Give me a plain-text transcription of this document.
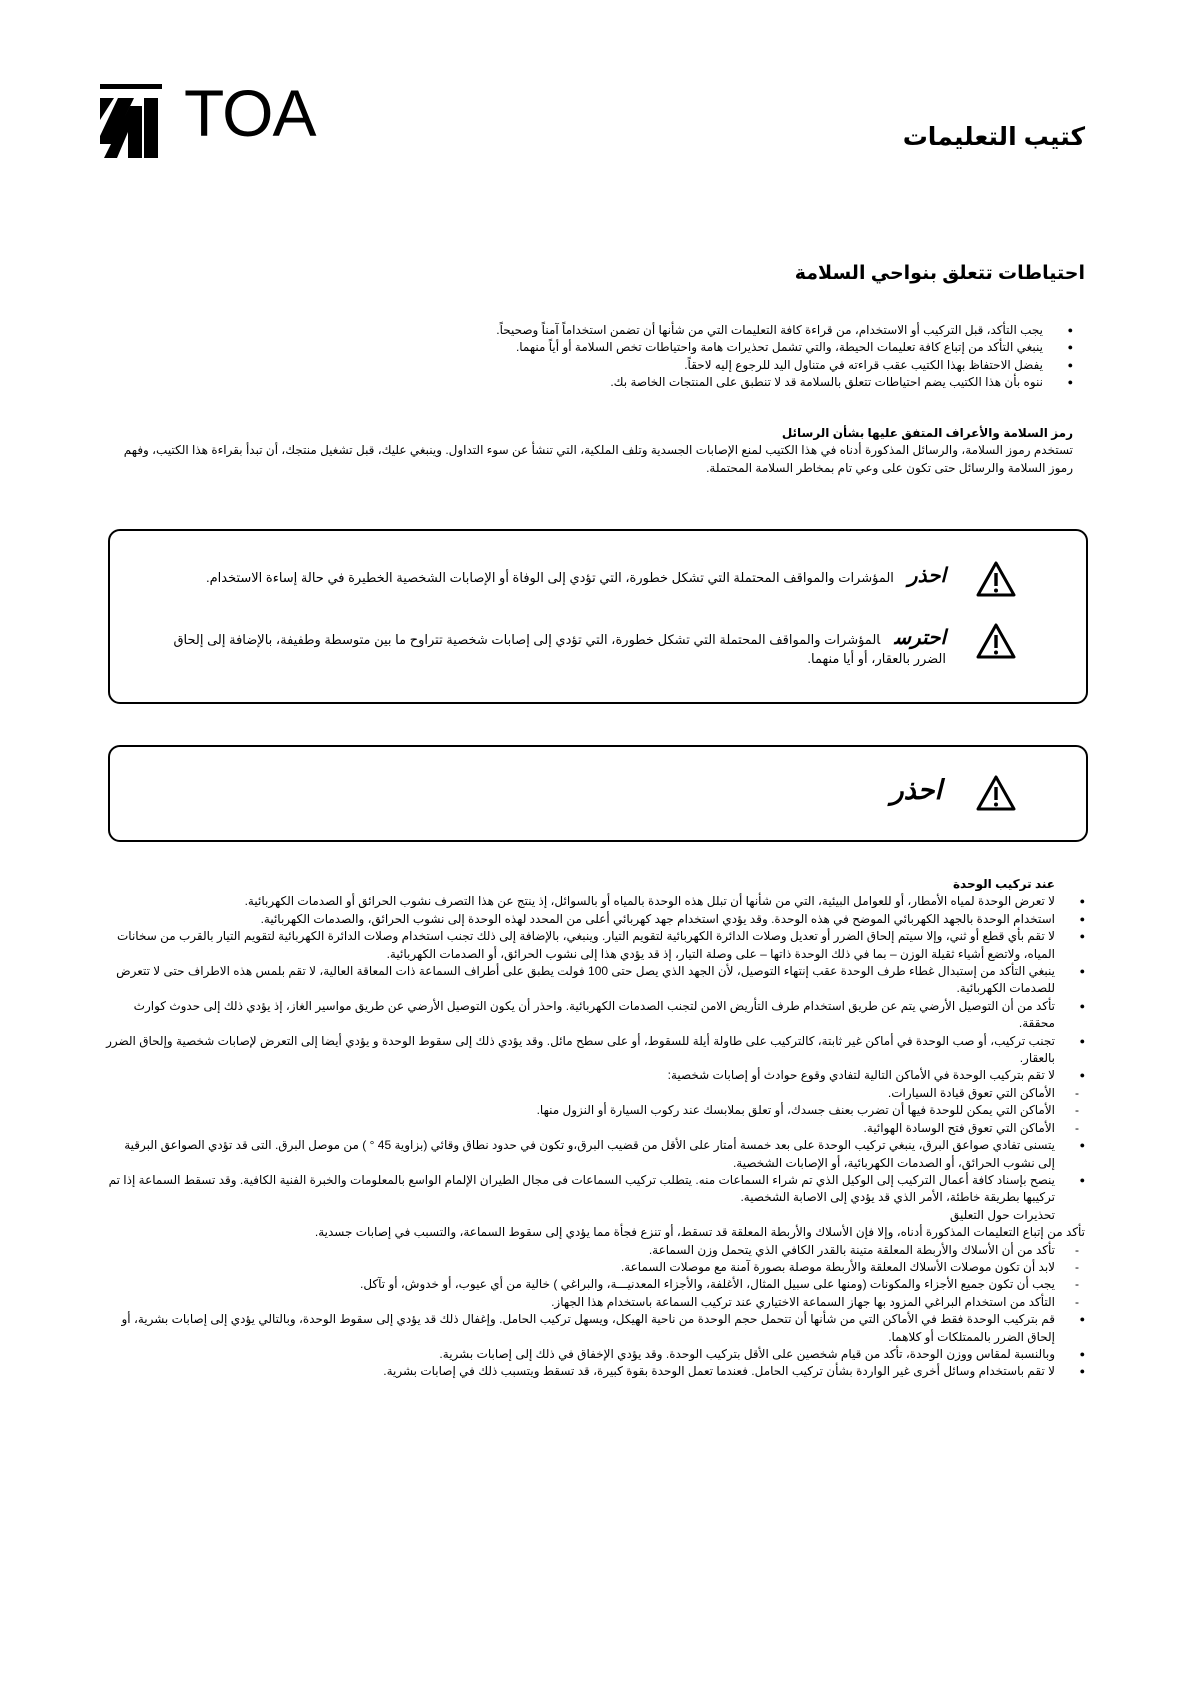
TOA	كتيب التعليمات
احتياطات تتعلق بنواحي السلامة
● يجب التأكد، قبل التركيب أو الاستخدام، من قراءة كافة التعليمات التي من شأنها أن تضمن استخداماً آمناً وصحيحاً.
● ينبغي التأكد من إتباع كافة تعليمات الحيطة، والتي تشمل تحذيرات هامة واحتياطات تخص السلامة أو أياً منهما.
● يفضل الاحتفاظ بهذا الكتيب عقب قراءته في متناول اليد للرجوع إليه لاحقاً.
● ننوه بأن هذا الكتيب يضم احتياطات تتعلق بالسلامة قد لا تنطبق على المنتجات الخاصة بك.
رمز السلامة والأعراف المتفق عليها بشأن الرسائل
تستخدم رموز السلامة، والرسائل المذكورة أدناه في هذا الكتيب لمنع الإصابات الجسدية وتلف الملكية، التي تنشأ عن سوء التداول. وينبغي عليك، قبل تشغيل منتجك، أن تبدأ بقراءة هذا الكتيب، وفهم رموز السلامة والرسائل حتى تكون على وعي تام بمخاطر السلامة المحتملة.
احذرالمؤشرات والمواقف المحتملة التي تشكل خطورة، التي تؤدي إلى الوفاة أو الإصابات الشخصية الخطيرة في حالة إساءة الاستخدام.
احترسالمؤشرات والمواقف المحتملة التي تشكل خطورة، التي تؤدي إلى إصابات شخصية تتراوح ما بين متوسطة وطفيفة، بالإضافة إلى إلحاق الضرر بالعقار، أو أيا منهما.
احذر
عند تركيب الوحدة
● لا تعرض الوحدة لمياه الأمطار، أو للعوامل البيئية، التي من شأنها أن تبلل هذه الوحدة بالمياه أو بالسوائل، إذ ينتج عن هذا التصرف نشوب الحرائق أو الصدمات الكهربائية.
● استخدام الوحدة بالجهد الكهربائي الموضح في هذه الوحدة. وقد يؤدي استخدام جهد كهربائي أعلى من المحدد لهذه الوحدة إلى نشوب الحرائق، والصدمات الكهربائية.
● لا تقم بأي قطع أو ثني، وإلا سيتم إلحاق الضرر أو تعديل وصلات الدائرة الكهربائية لتقويم التيار. وينبغي، بالإضافة إلى ذلك تجنب استخدام وصلات الدائرة الكهربائية لتقويم التيار بالقرب من سخانات المياه، ولاتضع أشياء ثقيلة الوزن – بما في ذلك الوحدة ذاتها – على وصلة التيار، إذ قد يؤدي هذا إلى نشوب الحرائق، أو الصدمات الكهربائية.
● ينبغي التأكد من إستبدال غطاء طرف الوحدة عقب إنتهاء التوصيل، لأن الجهد الذي يصل حتى 100 فولت يطبق على أطراف السماعة ذات المعاقة العالية، لا تقم بلمس هذه الاطراف حتى لا تتعرض للصدمات الكهربائية.
● تأكد من أن التوصيل الأرضي يتم عن طريق استخدام طرف التأريض الامن لتجنب الصدمات الكهربائية. واحذر أن يكون التوصيل الأرضي عن طريق مواسير الغاز، إذ يؤدي ذلك إلى حدوث كوارث محققة.
● تجنب تركيب، أو صب الوحدة في أماكن غير ثابتة، كالتركيب على طاولة أيلة للسقوط، أو على سطح مائل. وقد يؤدي ذلك إلى سقوط الوحدة و يؤدي أيضا إلى التعرض لإصابات شخصية وإلحاق الضرر بالعقار.
● لا تقم بتركيب الوحدة في الأماكن التالية لتفادي وقوع حوادث أو إصابات شخصية:
- الأماكن التي تعوق قيادة السيارات.
- الأماكن التي يمكن للوحدة فيها أن تضرب بعنف جسدك، أو تعلق بملابسك عند ركوب السيارة أو النزول منها.
- الأماكن التي تعوق فتح الوسادة الهوائية.
● يتسنى تفادي صواعق البرق، ينبغي تركيب الوحدة على بعد خمسة أمتار على الأقل من قضيب البرق،و تكون في حدود نطاق وقائي (بزاوية 45 ° ) من موصل البرق. التى قد تؤدي الصواعق البرقية إلى نشوب الحرائق، أو الصدمات الكهربائية، أو الإصابات الشخصية.
● ينصح بإسناد كافة أعمال التركيب إلى الوكيل الذي تم شراء السماعات منه. يتطلب تركيب السماعات فى مجال الطيران الإلمام الواسع بالمعلومات والخبرة الفنية الكافية. وقد تسقط السماعة إذا تم تركيبها بطريقة خاطئة، الأمر الذي قد يؤدي إلى الاصابة الشخصية.
تحذيرات حول التعليق
تأكد من إتباع التعليمات المذكورة أدناه، وإلا فإن الأسلاك والأربطة المعلقة قد تسقط، أو تنزع فجأة مما يؤدي إلى سقوط السماعة، والتسبب في إصابات جسدية.
- تأكد من أن الأسلاك والأربطة المعلقة متينة بالقدر الكافي الذي يتحمل وزن السماعة.
- لابد أن تكون موصلات الأسلاك المعلقة والأربطة موصلة بصورة آمنة مع موصلات السماعة.
- يجب أن تكون جميع الأجزاء والمكونات (ومنها على سبيل المثال، الأغلفة، والأجزاء المعدنيـــة، والبراغي ) خالية من أي عيوب، أو خدوش، أو تآكل.
- التأكد من استخدام البراغي المزود بها جهاز السماعة الاختياري عند تركيب السماعة باستخدام هذا الجهاز.
● قم بتركيب الوحدة فقط في الأماكن التي من شأنها أن تتحمل حجم الوحدة من ناحية الهيكل، ويسهل تركيب الحامل. وإغفال ذلك قد يؤدي إلى سقوط الوحدة، وبالتالي يؤدي إلى إصابات بشرية، أو إلحاق الضرر بالممتلكات أو كلاهما.
● وبالنسبة لمقاس ووزن الوحدة، تأكد من قيام شخصين على الأقل بتركيب الوحدة. وقد يؤدي الإخفاق في ذلك إلى إصابات بشرية.
● لا تقم باستخدام وسائل أخرى غير الواردة بشأن تركيب الحامل. فعندما تعمل الوحدة بقوة كبيرة، قد تسقط ويتسبب ذلك في إصابات بشرية.
